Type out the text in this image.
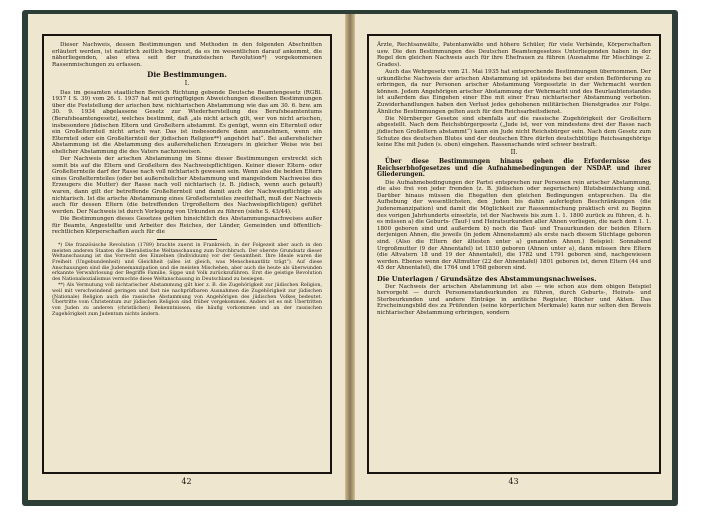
Dieser Nachweis, dessen Bestimmungen und Methoden in den folgenden Abschnitten erläutert werden, ist natürlich zeitlich begrenzt, da es im wesentlichen darauf ankommt, die näherliegenden, also etwa seit der französischen Revolution*) vorgekommenen Rassenmischungen zu erfassen.

Die Bestimmungen.
I.

Das im gesamten staatlichen Bereich Richtung gebende Deutsche Beamtengesetz (RGBl. 1937 I S. 39) vom 26. I. 1937 hat mit geringfügigen Abweichungen dieselben Bestimmungen über die Feststellung der arischen bzw. nichtarischen Abstammung wie das am 30. 6. bzw. am 30. 9. 1934 abgelassene Gesetz zur Wiederherstellung des Berufsbeamtentums (Berufsbeamtengesetz), welches bestimmt, daß „als nicht arisch gilt, wer von nicht arischen, insbesondere jüdischen Eltern und Großeltern abstammt. Es genügt, wenn ein Elternteil oder ein Großelternteil nicht arisch war. Das ist insbesondere dann anzunehmen, wenn ein Elternteil oder ein Großelternteil der jüdischen Religion**) angehört hat“. Bei außerehelicher Abstammung ist die Abstammung des außerehelichen Erzeugers in gleicher Weise wie bei ehelicher Abstammung die des Vaters nachzuweisen.

Der Nachweis der arischen Abstammung im Sinne dieser Bestimmungen erstreckt sich somit bis auf die Eltern und Großeltern des Nachweispflichtigen. Keiner dieser Eltern- oder Großelternteile darf der Rasse nach voll nichtarisch gewesen sein. Wenn also die beiden Eltern eines Großelternteiles (oder bei außerehelicher Abstammung und mangelndem Nachweise des Erzeugers die Mutter) der Rasse nach voll nichtarisch (z. B. jüdisch, wenn auch getauft) waren, dann gilt der betreffende Großelternteil und damit auch der Nachweispflichtige als nichtarisch. Ist die arische Abstammung eines Großelternteiles zweifelhaft, muß der Nachweis auch für dessen Eltern (die betreffenden Urgroßeltern des Nachweispflichtigen) geführt werden. Der Nachweis ist durch Vorlegung von Urkunden zu führen (siehe S. 43/44).

Die Bestimmungen dieses Gesetzes gelten hinsichtlich des Abstammungsnachweises außer für Beamte, Angestellte und Arbeiter des Reiches, der Länder, Gemeinden und öffentlich-rechtlichen Körperschaften auch für die

*) Die französische Revolution (1789) brachte zuerst in Frankreich, in der Folgezeit aber auch in den meisten anderen Staaten die liberalistische Weltanschauung zum Durchbruch. Der oberste Grundsatz dieser Weltanschauung ist das Vorrecht des Einzelnen (Individuum) vor der Gesamtheit. Ihre Ideale waren die Freiheit (Ungebundenheit) und Gleichheit (alles ist gleich, was Menschenantlitz trägt“). Auf diese Anschauungen sind die Judenemanzipation und die meisten Mischehen, aber auch die heute als überwunden erkannte Verwahrlosung der Begriffe Familie, Sippe und Volk zurückzuführen. Erst die geistige Revolution des Nationalsozialismus vermochte diese Weltanschauung in Deutschland zu besiegen.

**) Als Vermutung voll nichtarischer Abstammung gilt hier z. B. die Zugehörigkeit zur jüdischen Religion, weil mit verschwindend geringen und fast nie nachprüfbaren Ausnahmen die Zugehörigkeit zur jüdischen (Nationale) Religion auch die rassische Abstammung von Angehörigen des jüdischen Volkes bedeutet. Übertritte vom Christentum zur jüdischen Religion sind früher vorgekommen. Anders ist es mit Übertritten von Juden zu anderen (christlichen) Bekenntnissen, die häufig vorkommen und an der rassischen Zugehörigkeit zum Judentum nichts ändern.

42

Ärzte, Rechtsanwälte, Patentanwälte und höhere Schüler, für viele Verbände, Körperschaften usw. Die den Bestimmungen des Deutschen Beamtengesetzes Unterliegenden haben in der Regel den gleichen Nachweis auch für ihre Ehefrauen zu führen (Ausnahme für Mischlinge 2. Grades).

Auch das Wehrgesetz vom 21. Mai 1935 hat entsprechende Bestimmungen übernommen. Der urkundliche Nachweis der arischen Abstammung ist spätestens bei der ersten Beförderung zu erbringen, da nur Personen arischer Abstammung Vorgesetzte in der Wehrmacht werden können. Jedem Angehörigen arischer Abstammung der Wehrmacht und des Beurlaubtenstandes ist außerdem das Eingehen einer Ehe mit einer Frau nichtarischer Abstammung verboten. Zuwiderhandlungen haben den Verlust jedes gehobenen militärischen Dienstgrades zur Folge. Ähnliche Bestimmungen gelten auch für den Reichsarbeitsdienst.

Die Nürnberger Gesetze sind ebenfalls auf die rassische Zugehörigkeit der Großeltern abgestellt. Nach dem Reichsbürgergesetz („Jude ist, wer von mindestens drei der Rasse nach jüdischen Großeltern abstammt“) kann ein Jude nicht Reichsbürger sein. Nach dem Gesetz zum Schutze des deutschen Blutes und der deutschen Ehre dürfen deutschblütige Reichsangehörige keine Ehe mit Juden (s. oben) eingehen. Rassenschande wird schwer bestraft.

II.

Über diese Bestimmungen hinaus gehen die Erfordernisse des Reichserbhofgesetzes und die Aufnahmebedingungen der NSDAP. und ihrer Gliederungen.

Die Aufnahmebedingungen der Partei entsprechen nur Personen rein arischer Abstammung, die also frei von jeder fremden (z. B. jüdischen oder negerischen) Blutsbeimischung sind. Darüber hinaus müssen die Ehegatten den gleichen Bedingungen entsprechen. Da die Aufhebung der wesentlichsten, den Juden bis dahin auferlegten Beschränkungen (die Judenemanzipation) und damit die Möglichkeit zur Rassenmischung praktisch erst zu Beginn des vorigen Jahrhunderts einsetzte, ist der Nachweis bis zum 1. 1. 1800 zurück zu führen, d. h. es müssen a) die Geburts- (Tauf-) und Heiratsurkunden aller Ahnen vorliegen, die nach dem 1. 1. 1800 geboren sind und außerdem b) noch die Tauf- und Trauurkunden der beiden Eltern derjenigen Ahnen, die jeweils (in jedem Ahnenstamm) als erste nach diesem Stichtage geboren sind. (Also die Eltern der ältesten unter a) genannten Ahnen.) Beispiel: Sonnabend Urgroßmutter (9 der Ahnentafel) ist 1830 geboren (Ahnen unter a), dann müssen ihre Eltern (die Altvatern 18 und 19 der Ahnentafel), die 1782 und 1791 geboren sind, nachgewiesen werden. Ebenso wenn der Altmutter (22 der Ahnentafel) 1801 geboren ist, deren Eltern (44 und 45 der Ahnentafel), die 1764 und 1768 geboren sind.

Die Unterlagen / Grundsätze des Abstammungsnachweises.

Der Nachweis der arischen Abstammung ist also — wie schon aus dem obigen Beispiel hervorgeht — durch Personenstandsurkunden zu führen, durch Geburts-, Heirats- und Sterbeurkunden und andere Einträge in amtliche Register, Bücher und Akten. Das Erscheinungsbild des zu Prüfenden (seine körperlichen Merkmale) kann nur selten den Beweis nichtarischer Abstammung erbringen, sondern

43
